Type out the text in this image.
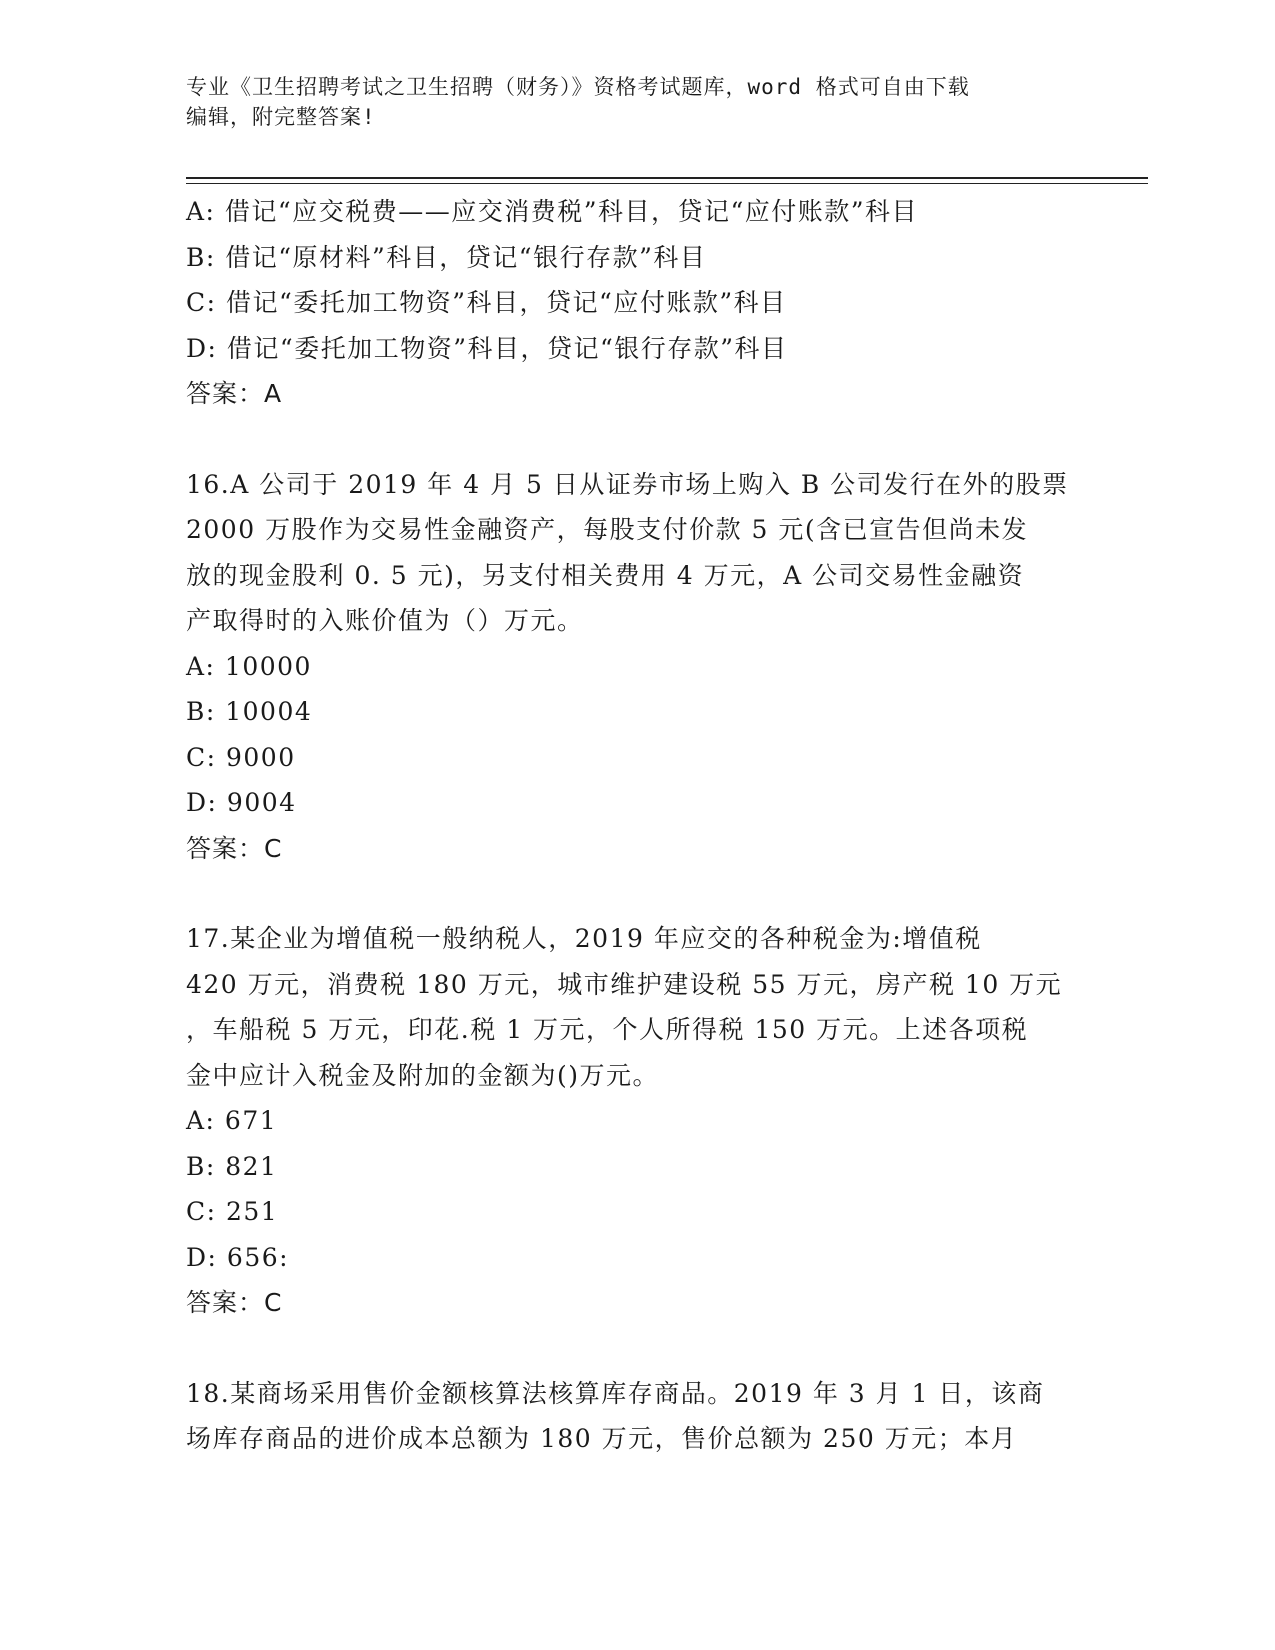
专业《卫生招聘考试之卫生招聘（财务）》资格考试题库，word 格式可自由下载
编辑，附完整答案!
A: 借记“应交税费——应交消费税”科目，贷记“应付账款”科目
B: 借记“原材料”科目，贷记“银行存款”科目
C: 借记“委托加工物资”科目，贷记“应付账款”科目
D: 借记“委托加工物资”科目，贷记“银行存款”科目
答案：A
16.A 公司于 2019 年 4 月 5 日从证券市场上购入 B 公司发行在外的股票
2000 万股作为交易性金融资产，每股支付价款 5 元(含已宣告但尚未发
放的现金股利 0. 5 元)，另支付相关费用 4 万元，A 公司交易性金融资
产取得时的入账价值为（）万元。
A: 10000
B: 10004
C: 9000
D: 9004
答案：C
17.某企业为增值税一般纳税人，2019 年应交的各种税金为:增值税
420 万元，消费税 180 万元，城市维护建设税 55 万元，房产税 10 万元
，车船税 5 万元，印花.税 1 万元，个人所得税 150 万元。上述各项税
金中应计入税金及附加的金额为()万元。
A: 671
B: 821
C: 251
D: 656:
答案：C
18.某商场采用售价金额核算法核算库存商品。2019 年 3 月 1 日，该商
场库存商品的进价成本总额为 180 万元，售价总额为 250 万元；本月
